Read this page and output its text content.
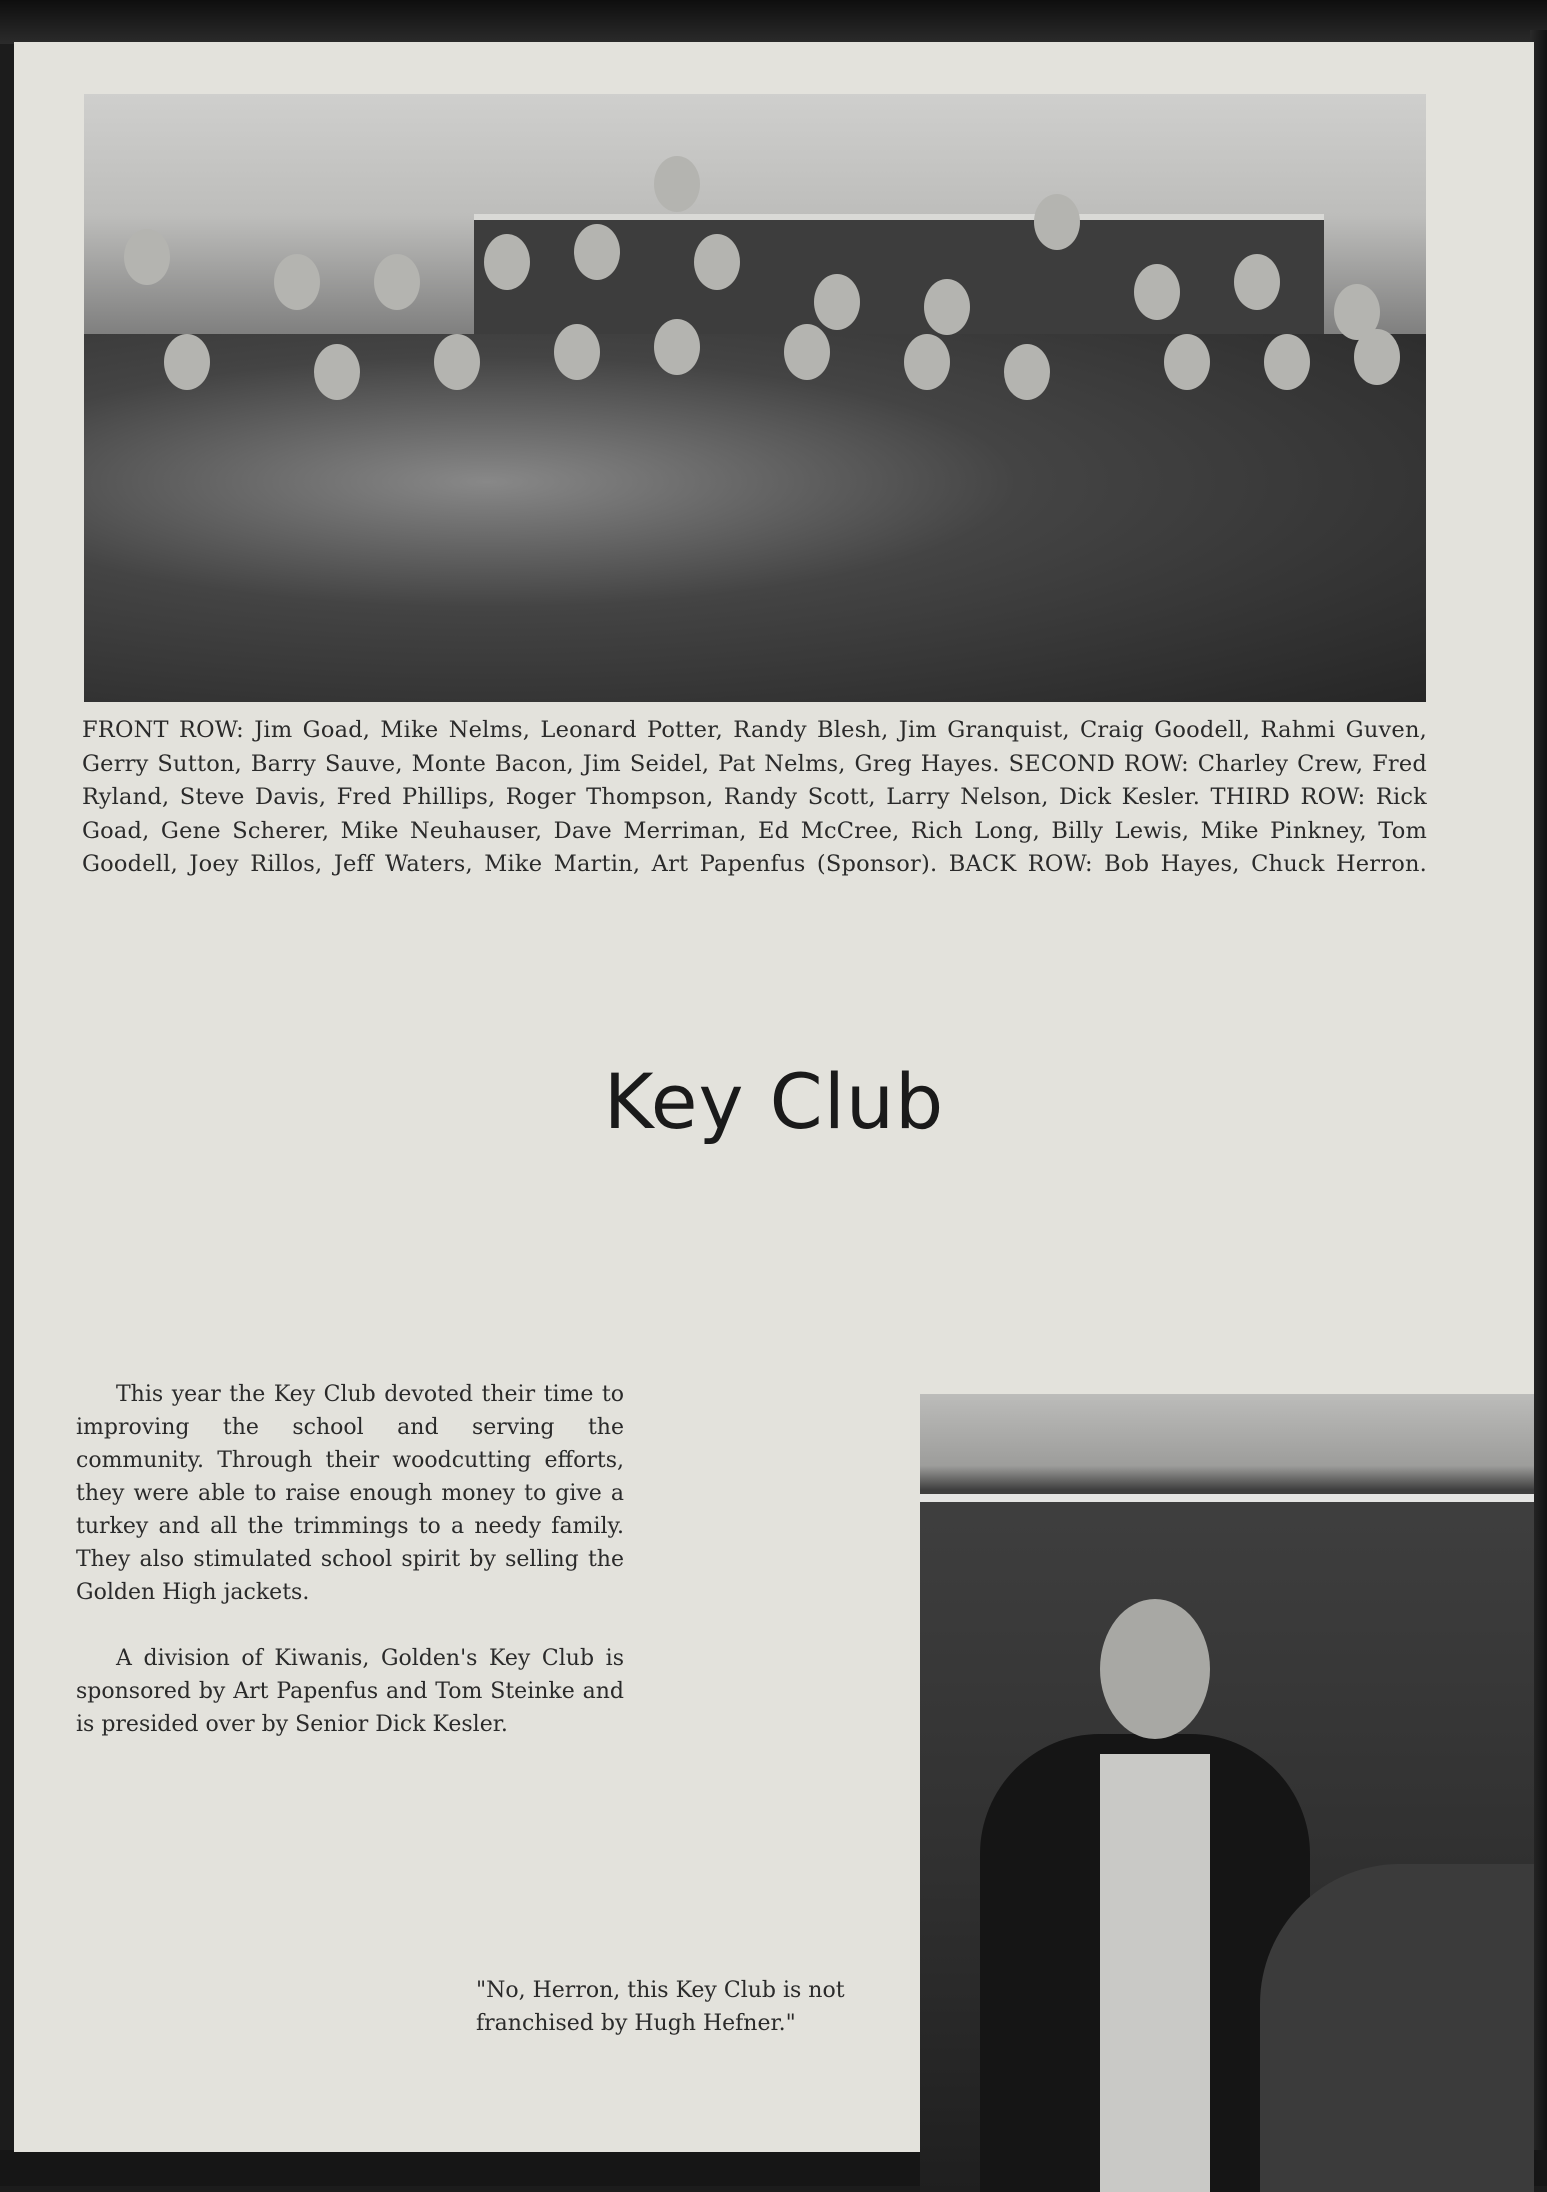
FRONT ROW: Jim Goad, Mike Nelms, Leonard Potter, Randy Blesh, Jim Granquist, Craig Goodell, Rahmi Guven,
Gerry Sutton, Barry Sauve, Monte Bacon, Jim Seidel, Pat Nelms, Greg Hayes. SECOND ROW: Charley Crew, Fred
Ryland, Steve Davis, Fred Phillips, Roger Thompson, Randy Scott, Larry Nelson, Dick Kesler. THIRD ROW: Rick
Goad, Gene Scherer, Mike Neuhauser, Dave Merriman, Ed McCree, Rich Long, Billy Lewis, Mike Pinkney, Tom
Goodell, Joey Rillos, Jeff Waters, Mike Martin, Art Papenfus (Sponsor). BACK ROW: Bob Hayes, Chuck Herron.
Key Club

This year the Key Club devoted their time to improving the school and serving the community. Through their woodcutting efforts, they were able to raise enough money to give a turkey and all the trimmings to a needy family. They also stimulated school spirit by selling the Golden High jackets.

A division of Kiwanis, Golden's Key Club is sponsored by Art Papenfus and Tom Steinke and is presided over by Senior Dick Kesler.

"No, Herron, this Key Club is not
franchised by Hugh Hefner."
